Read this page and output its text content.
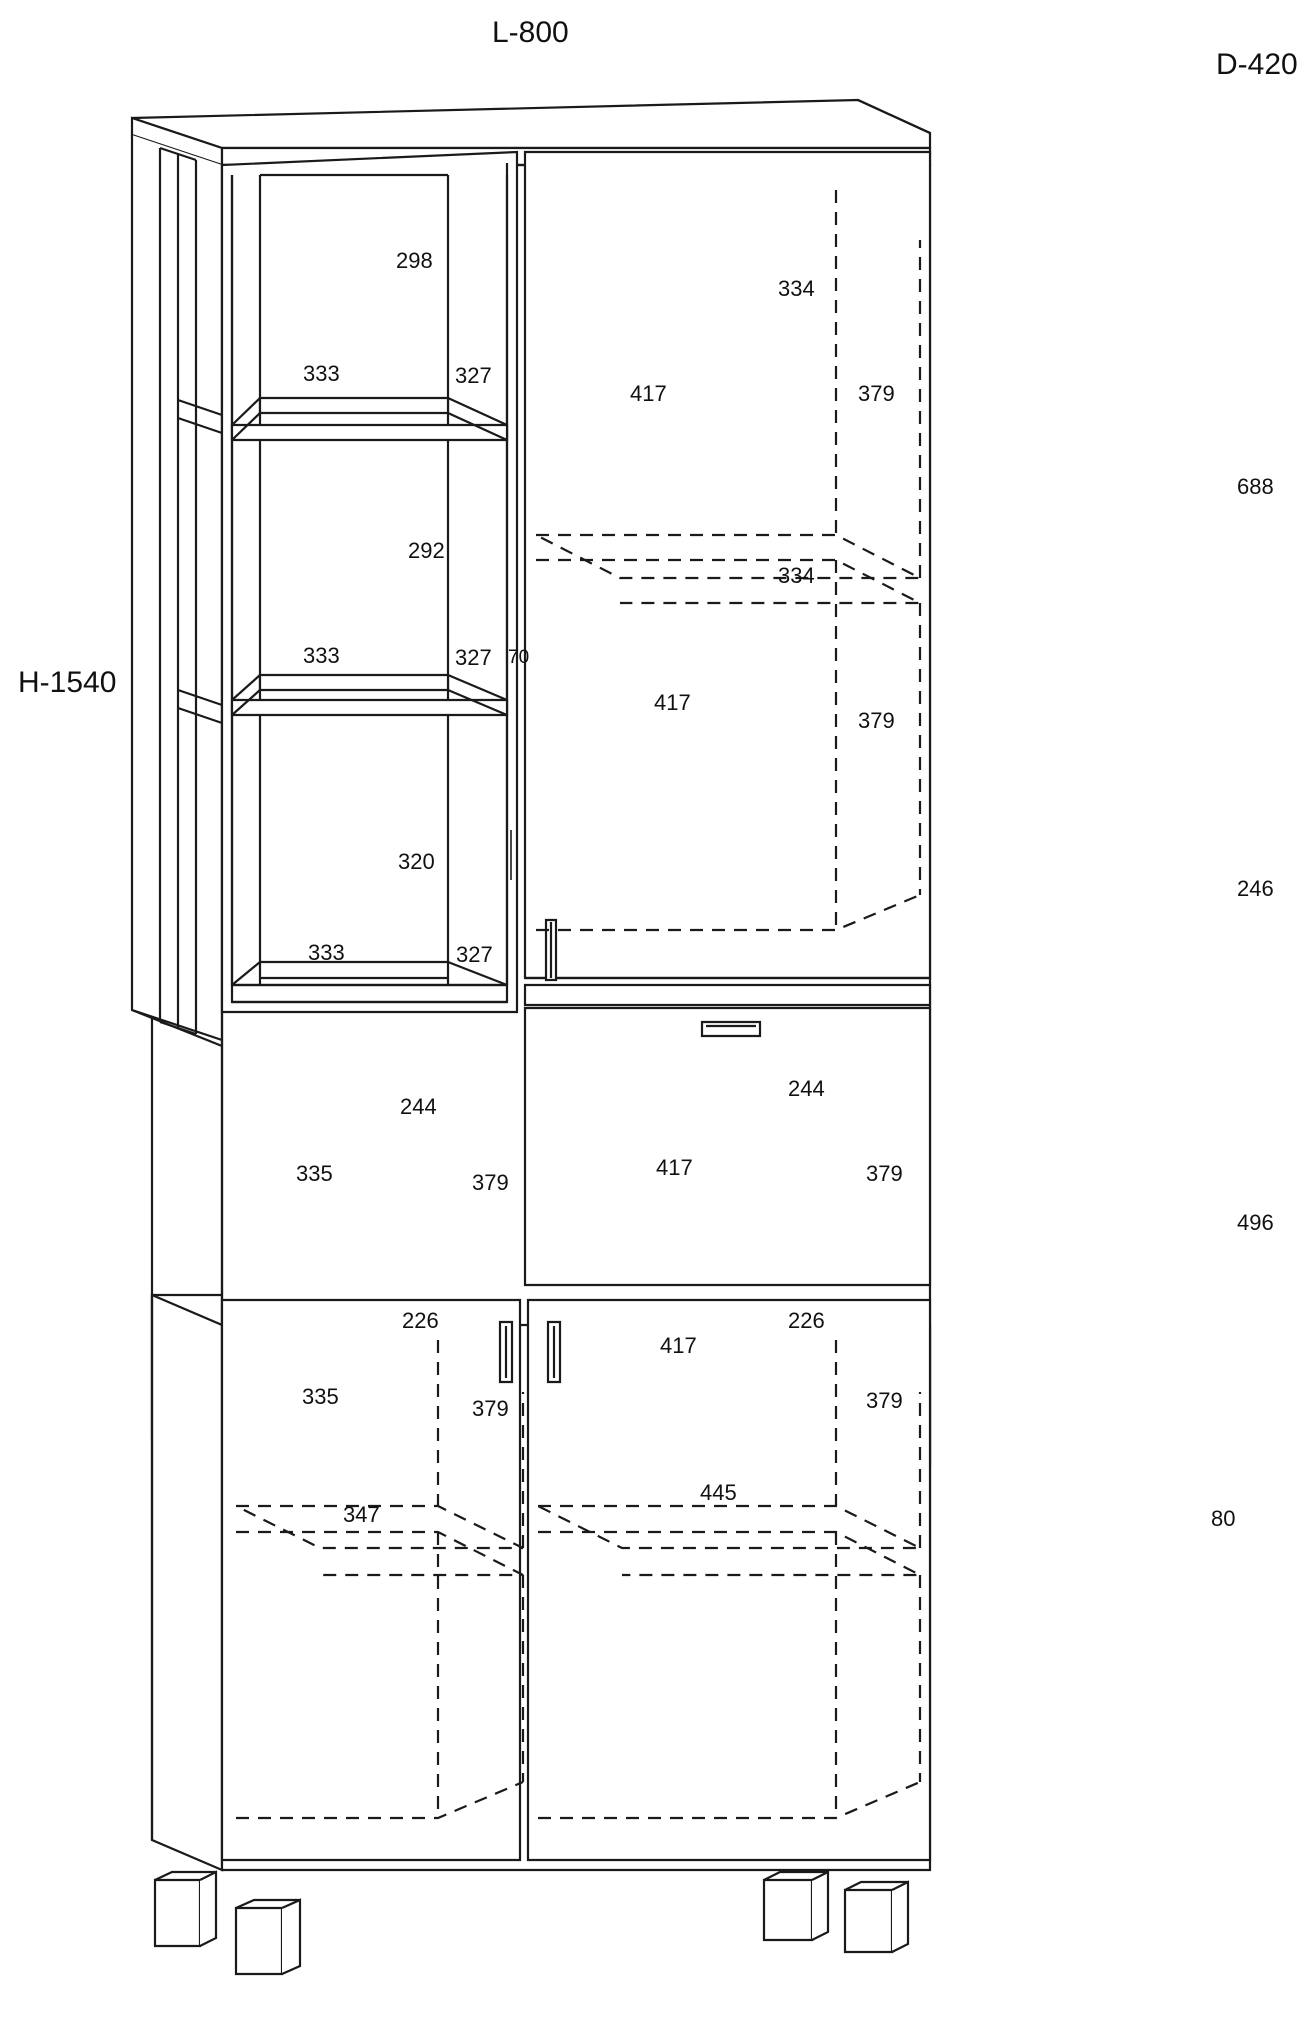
L-800
D-420
H-1540
688
246
496
347
445
80
298
333	327
292
333	327 70
320
333	327
334
417	379
334
417
379
244
335	379
226
335	379
244
417	379
226
417
379
